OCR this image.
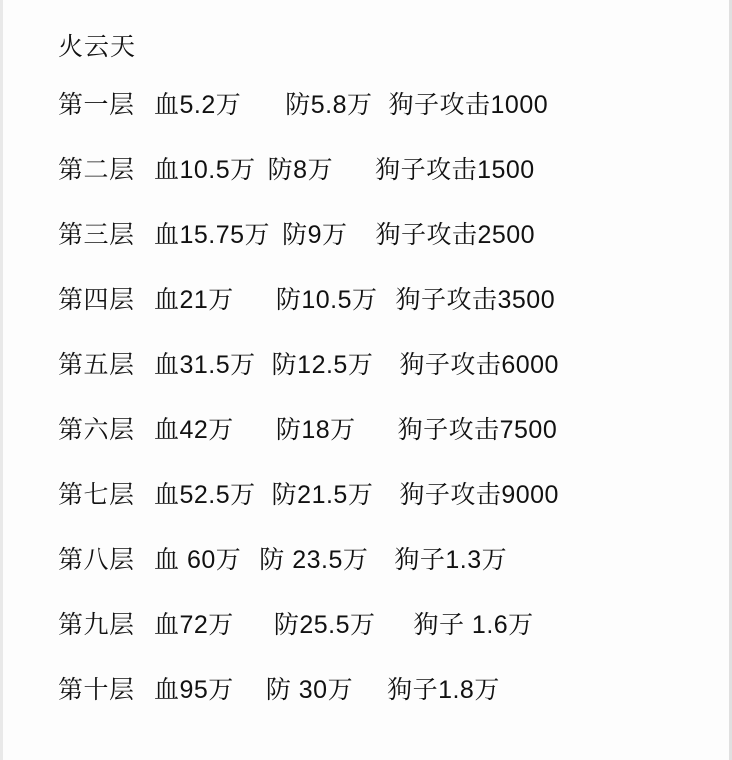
火云天
第一层 血5.2万 防5.8万 狗子攻击1000
第二层 血10.5万 防8万 狗子攻击1500
第三层 血15.75万 防9万 狗子攻击2500
第四层 血21万 防10.5万 狗子攻击3500
第五层 血31.5万 防12.5万 狗子攻击6000
第六层 血42万 防18万 狗子攻击7500
第七层 血52.5万 防21.5万 狗子攻击9000
第八层 血 60万 防 23.5万 狗子1.3万
第九层 血72万 防25.5万 狗子 1.6万
第十层 血95万 防 30万 狗子1.8万
